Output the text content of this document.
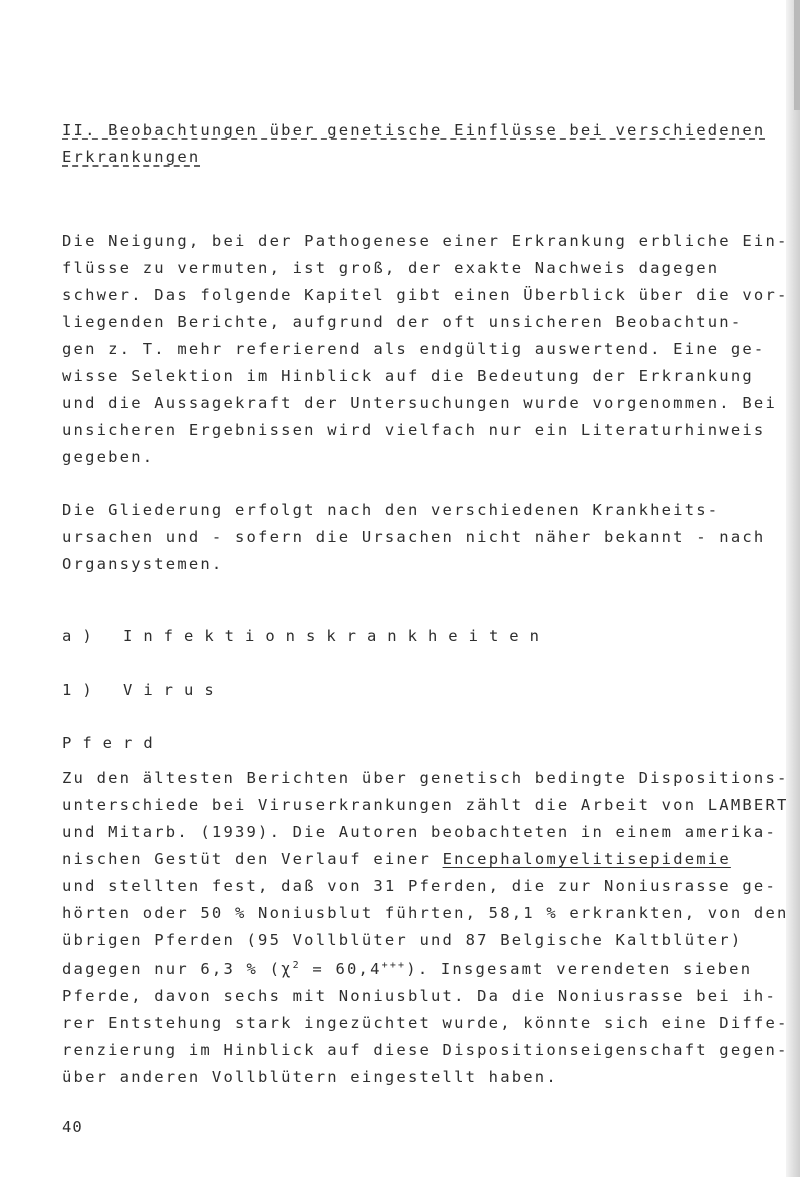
II. Beobachtungen über genetische Einflüsse bei verschiedenen
Erkrankungen
Die Neigung, bei der Pathogenese einer Erkrankung erbliche Ein-
flüsse zu vermuten, ist groß, der exakte Nachweis dagegen
schwer. Das folgende Kapitel gibt einen Überblick über die vor-
liegenden Berichte, aufgrund der oft unsicheren Beobachtun-
gen z. T. mehr referierend als endgültig auswertend. Eine ge-
wisse Selektion im Hinblick auf die Bedeutung der Erkrankung
und die Aussagekraft der Untersuchungen wurde vorgenommen. Bei
unsicheren Ergebnissen wird vielfach nur ein Literaturhinweis
gegeben.
Die Gliederung erfolgt nach den verschiedenen Krankheits-
ursachen und - sofern die Ursachen nicht näher bekannt - nach
Organsystemen.
a) Infektionskrankheiten
1) Virus
Pferd
Zu den ältesten Berichten über genetisch bedingte Dispositions-
unterschiede bei Viruserkrankungen zählt die Arbeit von LAMBERT
und Mitarb. (1939). Die Autoren beobachteten in einem amerika-
nischen Gestüt den Verlauf einer Encephalomyelitisepidemie
und stellten fest, daß von 31 Pferden, die zur Noniusrasse ge-
hörten oder 50 % Noniusblut führten, 58,1 % erkrankten, von den
übrigen Pferden (95 Vollblüter und 87 Belgische Kaltblüter)
dagegen nur 6,3 % $(\chi^2 = 60,4^{+++})$. Insgesamt verendeten sieben
Pferde, davon sechs mit Noniusblut. Da die Noniusrasse bei ih-
rer Entstehung stark ingezüchtet wurde, könnte sich eine Diffe-
renzierung im Hinblick auf diese Dispositionseigenschaft gegen-
über anderen Vollblütern eingestellt haben.
40
